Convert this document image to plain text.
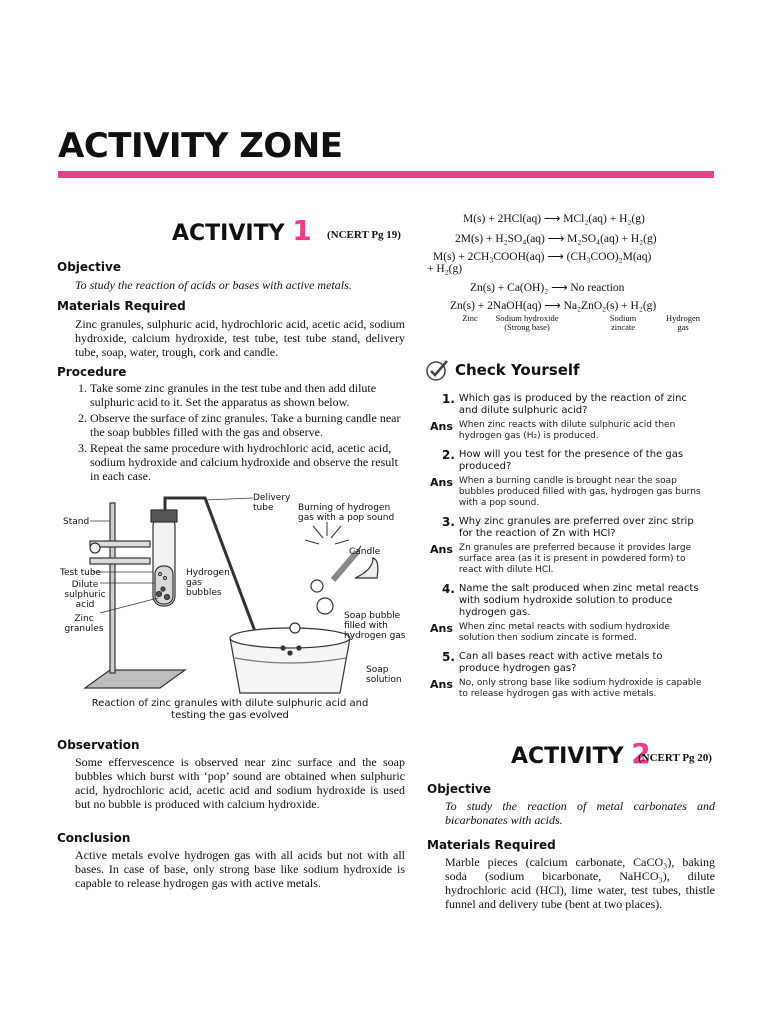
ACTIVITY ZONE
ACTIVITY 1 (NCERT Pg 19)
Objective
To study the reaction of acids or bases with active metals.
Materials Required
Zinc granules, sulphuric acid, hydrochloric acid, acetic acid, sodium hydroxide, calcium hydroxide, test tube, test tube stand, delivery tube, soap, water, trough, cork and candle.
Procedure
1. Take some zinc granules in the test tube and then add dilute sulphuric acid to it. Set the apparatus as shown below.
2. Observe the surface of zinc granules. Take a burning candle near the soap bubbles filled with the gas and observe.
3. Repeat the same procedure with hydrochloric acid, acetic acid, sodium hydroxide and calcium hydroxide and observe the result in each case.
Delivery tube	Burning of hydrogen gas with a pop sound
Stand
Candle
Test tube
Dilute sulphuric acid
Zinc granules
Hydrogen gas bubbles
Soap bubble filled with hydrogen gas
Soap solution
Reaction of zinc granules with dilute sulphuric acid and testing the gas evolved
Observation
Some effervescence is observed near zinc surface and the soap bubbles which burst with ‘pop’ sound are obtained when sulphuric acid, hydrochloric acid, acetic acid and sodium hydroxide is used but no bubble is produced with calcium hydroxide.
Conclusion
Active metals evolve hydrogen gas with all acids but not with all bases. In case of base, only strong base like sodium hydroxide is capable to release hydrogen gas with active metals.
M(s) + 2HCl(aq) ⟶ MCl₂(aq) + H₂(g)
2M(s) + H₂SO₄(aq) ⟶ M₂SO₄(aq) + H₂(g)
M(s) + 2CH₃COOH(aq) ⟶ (CH₃COO)₂M(aq)
+ H₂(g)
Zn(s) + Ca(OH)₂ ⟶ No reaction
Zn(s) + 2NaOH(aq) ⟶ Na₂ZnO₂(s) + H₂(g)
Zinc	Sodium hydroxide (Strong base)
Sodium zincate
Hydrogen gas
Check Yourself
1. Which gas is produced by the reaction of zinc and dilute sulphuric acid?
Ans When zinc reacts with dilute sulphuric acid then hydrogen gas (H₂) is produced.
2. How will you test for the presence of the gas produced?
Ans When a burning candle is brought near the soap bubbles produced filled with gas, hydrogen gas burns with a pop sound.
3. Why zinc granules are preferred over zinc strip for the reaction of Zn with HCl?
Ans Zn granules are preferred because it provides large surface area (as it is present in powdered form) to react with dilute HCl.
4. Name the salt produced when zinc metal reacts with sodium hydroxide solution to produce hydrogen gas.
Ans When zinc metal reacts with sodium hydroxide solution then sodium zincate is formed.
5. Can all bases react with active metals to produce hydrogen gas?
Ans No, only strong base like sodium hydroxide is capable to release hydrogen gas with active metals.
ACTIVITY 2
(NCERT Pg 20)
Objective
To study the reaction of metal carbonates and bicarbonates with acids.
Materials Required
Marble pieces (calcium carbonate, CaCO₃), baking soda (sodium bicarbonate, NaHCO₃), dilute hydrochloric acid (HCl), lime water, test tubes, thistle funnel and delivery tube (bent at two places).
